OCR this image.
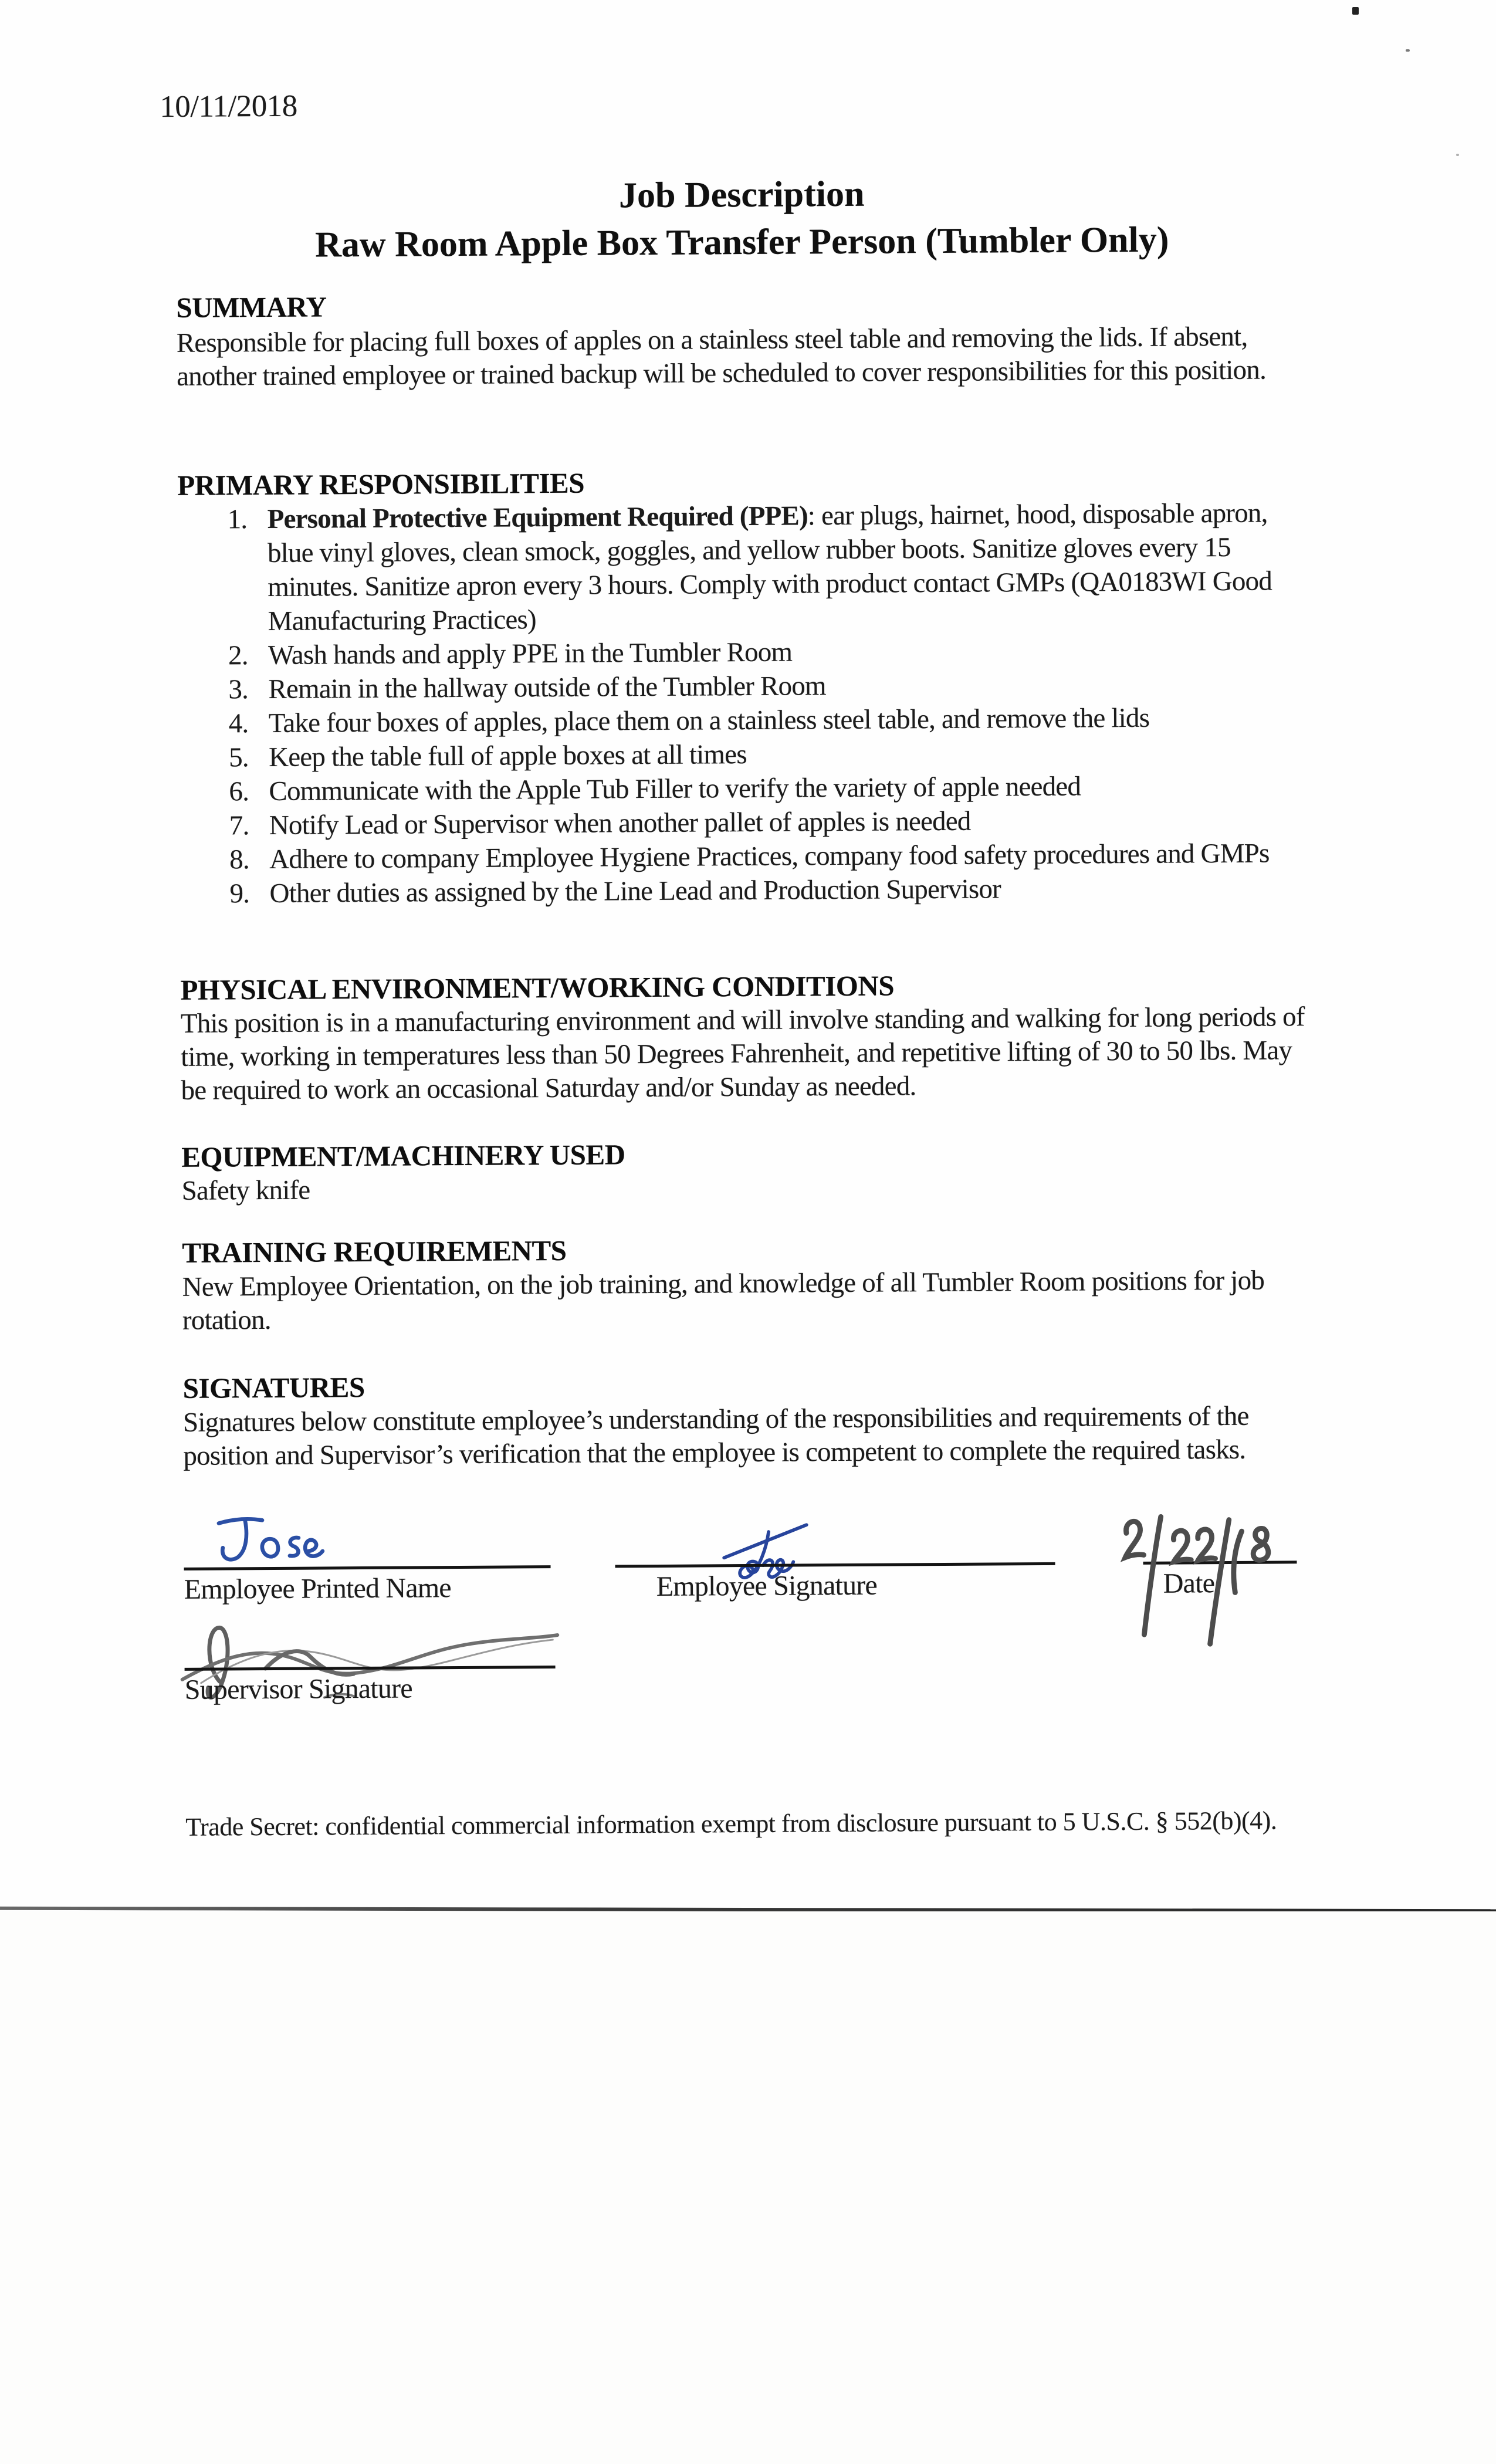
10/11/2018
Job Description
Raw Room Apple Box Transfer Person (Tumbler Only)
SUMMARY

Responsible for placing full boxes of apples on a stainless steel table and removing the lids. If absent, another trained employee or trained backup will be scheduled to cover responsibilities for this position.

PRIMARY RESPONSIBILITIES
1. Personal Protective Equipment Required (PPE): ear plugs, hairnet, hood, disposable apron, blue vinyl gloves, clean smock, goggles, and yellow rubber boots. Sanitize gloves every 15 minutes. Sanitize apron every 3 hours. Comply with product contact GMPs (QA0183WI Good Manufacturing Practices)
2. Wash hands and apply PPE in the Tumbler Room
3. Remain in the hallway outside of the Tumbler Room
4. Take four boxes of apples, place them on a stainless steel table, and remove the lids
5. Keep the table full of apple boxes at all times
6. Communicate with the Apple Tub Filler to verify the variety of apple needed
7. Notify Lead or Supervisor when another pallet of apples is needed
8. Adhere to company Employee Hygiene Practices, company food safety procedures and GMPs
9. Other duties as assigned by the Line Lead and Production Supervisor
PHYSICAL ENVIRONMENT/WORKING CONDITIONS

This position is in a manufacturing environment and will involve standing and walking for long periods of time, working in temperatures less than 50 Degrees Fahrenheit, and repetitive lifting of 30 to 50 lbs. May be required to work an occasional Saturday and/or Sunday as needed.

EQUIPMENT/MACHINERY USED

Safety knife

TRAINING REQUIREMENTS

New Employee Orientation, on the job training, and knowledge of all Tumbler Room positions for job rotation.

SIGNATURES

Signatures below constitute employee’s understanding of the responsibilities and requirements of the position and Supervisor’s verification that the employee is competent to complete the required tasks.

Employee Printed Name	Employee Signature	Date
Supervisor Signature

Trade Secret: confidential commercial information exempt from disclosure pursuant to 5 U.S.C. § 552(b)(4).
